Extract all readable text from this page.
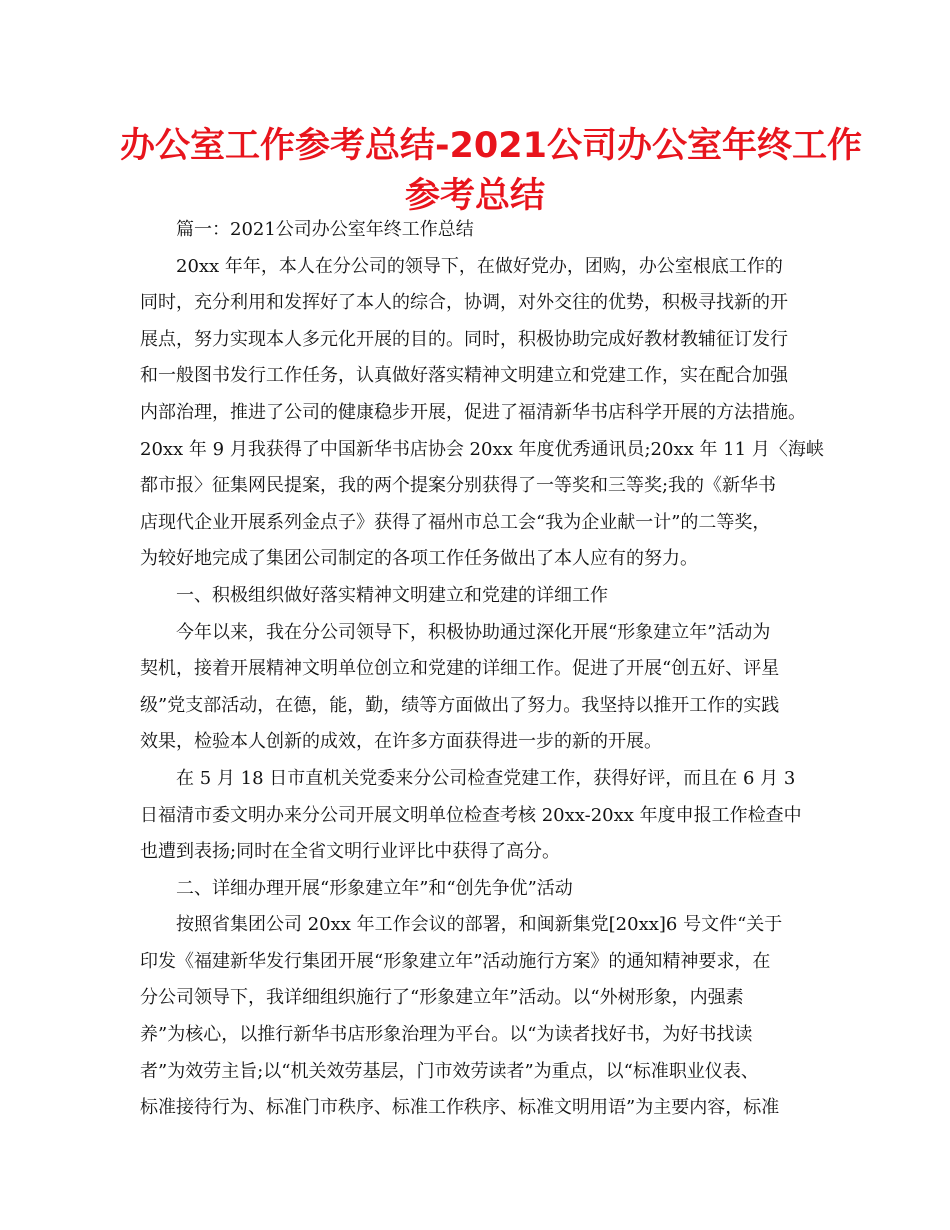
办公室工作参考总结-2021公司办公室年终工作
参考总结
篇一：2021公司办公室年终工作总结
20xx 年年，本人在分公司的领导下，在做好党办，团购，办公室根底工作的
同时，充分利用和发挥好了本人的综合，协调，对外交往的优势，积极寻找新的开
展点，努力实现本人多元化开展的目的。同时，积极协助完成好教材教辅征订发行
和一般图书发行工作任务，认真做好落实精神文明建立和党建工作，实在配合加强
内部治理，推进了公司的健康稳步开展，促进了福清新华书店科学开展的方法措施。
20xx 年 9 月我获得了中国新华书店协会 20xx 年度优秀通讯员;20xx 年 11 月〈海峡
都市报〉征集网民提案，我的两个提案分别获得了一等奖和三等奖;我的《新华书
店现代企业开展系列金点子》获得了福州市总工会“我为企业献一计”的二等奖，
为较好地完成了集团公司制定的各项工作任务做出了本人应有的努力。
一、积极组织做好落实精神文明建立和党建的详细工作
今年以来，我在分公司领导下，积极协助通过深化开展“形象建立年”活动为
契机，接着开展精神文明单位创立和党建的详细工作。促进了开展“创五好、评星
级”党支部活动，在德，能，勤，绩等方面做出了努力。我坚持以推开工作的实践
效果，检验本人创新的成效，在许多方面获得进一步的新的开展。
在 5 月 18 日市直机关党委来分公司检查党建工作，获得好评，而且在 6 月 3
日福清市委文明办来分公司开展文明单位检查考核 20xx-20xx 年度申报工作检查中
也遭到表扬;同时在全省文明行业评比中获得了高分。
二、详细办理开展“形象建立年”和“创先争优”活动
按照省集团公司 20xx 年工作会议的部署，和闽新集党[20xx]6 号文件“关于
印发《福建新华发行集团开展“形象建立年”活动施行方案》的通知精神要求，在
分公司领导下，我详细组织施行了“形象建立年”活动。以“外树形象，内强素
养”为核心，以推行新华书店形象治理为平台。以“为读者找好书，为好书找读
者”为效劳主旨;以“机关效劳基层，门市效劳读者”为重点，以“标准职业仪表、
标准接待行为、标准门市秩序、标准工作秩序、标准文明用语”为主要内容，标准
